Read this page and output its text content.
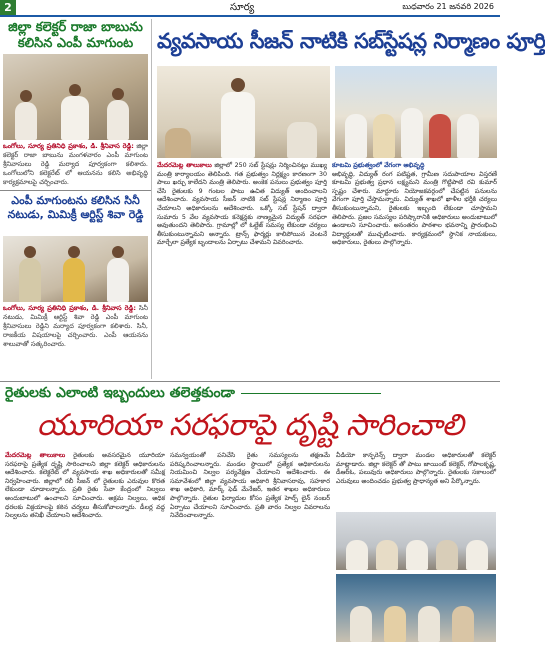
2	సూర్య	బుధవారం 21 జనవరి 2026
జిల్లా కలెక్టర్ రాజా బాబును కలిసిన ఎంపీ మాగుంట
ఒంగోలు, సూర్య ప్రతినిధి ప్రకాశం, డి. శ్రీనివాస రెడ్డి: జిల్లా కలెక్టర్ రాజా బాబును మంగళవారం ఎంపీ మాగుంట శ్రీనివాసులు రెడ్డి మర్యాద పూర్వకంగా కలిశారు. ఒంగోలులోని కలెక్టరేట్ లో ఆయనను కలిసి అభివృద్ధి కార్యక్రమాలపై చర్చించారు.
ఎంపీ మాగుంటను కలిసిన సినీ నటుడు, మిమిక్రీ ఆర్టిస్ట్ శివా రెడ్డి
ఒంగోలు, సూర్య ప్రతినిధి ప్రకాశం, డి. శ్రీనివాస రెడ్డి: సినీ నటుడు, మిమిక్రీ ఆర్టిస్ట్ శివా రెడ్డి ఎంపీ మాగుంట శ్రీనివాసులు రెడ్డిని మర్యాద పూర్వకంగా కలిశారు. సినీ, రాజకీయ విషయాలపై చర్చించారు. ఎంపీ ఆయనను శాలువాతో సత్కరించారు.
వ్యవసాయ సీజన్ నాటికి సబ్‌స్టేషన్ల నిర్మాణం పూర్తి
మేదరమెట్ల తాలుకాలు జిల్లాలో 250 సబ్ స్టేషన్లు నిర్మించినట్లు ముఖ్య మంత్రి కార్యాలయం తెలిపింది. గత ప్రభుత్వం నిర్లక్ష్యం కారణంగా 30 పాలు ఖర్చు కాలేదని మంత్రి తెలిపారు. అంకెక పనులు ప్రభుత్వం పూర్తి చేసి రైతులకు 9 గంటల పాటు ఉచిత విద్యుత్ అందించాలని ఆదేశించారు. వ్యవసాయ సీజన్ నాటికి సబ్ స్టేషన్ల నిర్మాణం పూర్తి చేయాలని అధికారులను ఆదేశించారు. ఒక్కో సబ్ స్టేషన్ ద్వారా సుమారు 5 వేల వ్యవసాయ కనెక్షన్లకు నాణ్యమైన విద్యుత్ సరఫరా అవుతుందని తెలిపారు. గ్రామాల్లో లో ఓల్టేజ్ సమస్య లేకుండా చర్యలు తీసుకుంటున్నామని అన్నారు. ట్రాన్స్ ఫార్మర్లు కాలిపోయిన వెంటనే మార్చేలా ప్రత్యేక బృందాలను ఏర్పాటు చేశామని వివరించారు.
కూటమి ప్రభుత్వంలో వేగంగా అభివృద్ధి
అభివృద్ధి, విద్యుత్ రంగ పటిష్టత, గ్రామీణ సదుపాయాల విస్తరణే కూటమి ప్రభుత్వ ప్రధాన లక్ష్యమని మంత్రి గొట్టిపాటి రవి కుమార్ స్పష్టం చేశారు. మార్టూరు నియోజకవర్గంలో చేపట్టిన పనులను వేగంగా పూర్తి చేస్తామన్నారు. విద్యుత్ శాఖలో ఖాళీల భర్తీకి చర్యలు తీసుకుంటున్నామని, రైతులకు ఇబ్బంది లేకుండా చూస్తామని తెలిపారు. ప్రజల సమస్యల పరిష్కారానికి అధికారులు అందుబాటులో ఉండాలని సూచించారు. అనంతరం పాఠశాల భవనాన్ని ప్రారంభించి విద్యార్థులతో ముచ్చటించారు. కార్యక్రమంలో స్థానిక నాయకులు, అధికారులు, రైతులు పాల్గొన్నారు.
రైతులకు ఎలాంటి ఇబ్బందులు తలెత్తకుండా
యూరియా సరఫరాపై దృష్టి సారించాలి
మేదరమెట్ల తాలుకాలు రైతులకు అవసరమైన యూరియా సరఫరాపై ప్రత్యేక దృష్టి సారించాలని జిల్లా కలెక్టర్ అధికారులను ఆదేశించారు. కలెక్టరేట్ లో వ్యవసాయ శాఖ అధికారులతో సమీక్ష నిర్వహించారు. జిల్లాలో రబీ సీజన్ లో రైతులకు ఎరువుల కొరత లేకుండా చూడాలన్నారు. ప్రతి రైతు సేవా కేంద్రంలో నిల్వలు అందుబాటులో ఉంచాలని సూచించారు. అక్రమ నిల్వలు, అధిక ధరలకు విక్రయాలపై కఠిన చర్యలు తీసుకోవాలన్నారు. డీలర్ల వద్ద నిల్వలను తనిఖీ చేయాలని ఆదేశించారు.
సమన్వయంతో పనిచేసి రైతు సమస్యలను తక్షణమే పరిష్కరించాలన్నారు. మండల స్థాయిలో ప్రత్యేక అధికారులను నియమించి నిల్వల పర్యవేక్షణ చేయాలని ఆదేశించారు. ఈ సమావేశంలో జిల్లా వ్యవసాయ అధికారి శ్రీనివాసరావు, సహకార శాఖ అధికారి, మార్క్ ఫెడ్ మేనేజర్, ఇతర శాఖల అధికారులు పాల్గొన్నారు. రైతుల ఫిర్యాదుల కోసం ప్రత్యేక హెల్ప్ లైన్ నంబర్ ఏర్పాటు చేయాలని సూచించారు. ప్రతి వారం నిల్వల వివరాలను నివేదించాలన్నారు.
వీడియో కాన్ఫరెన్స్ ద్వారా మండల అధికారులతో కలెక్టర్ మాట్లాడారు. జిల్లా కలెక్టర్ తో పాటు జాయింట్ కలెక్టర్, గోపాలకృష్ణ, డీఆర్ఓ, పలువురు అధికారులు పాల్గొన్నారు. రైతులకు సకాలంలో ఎరువులు అందించడం ప్రభుత్వ ప్రాధాన్యత అని పేర్కొన్నారు.
